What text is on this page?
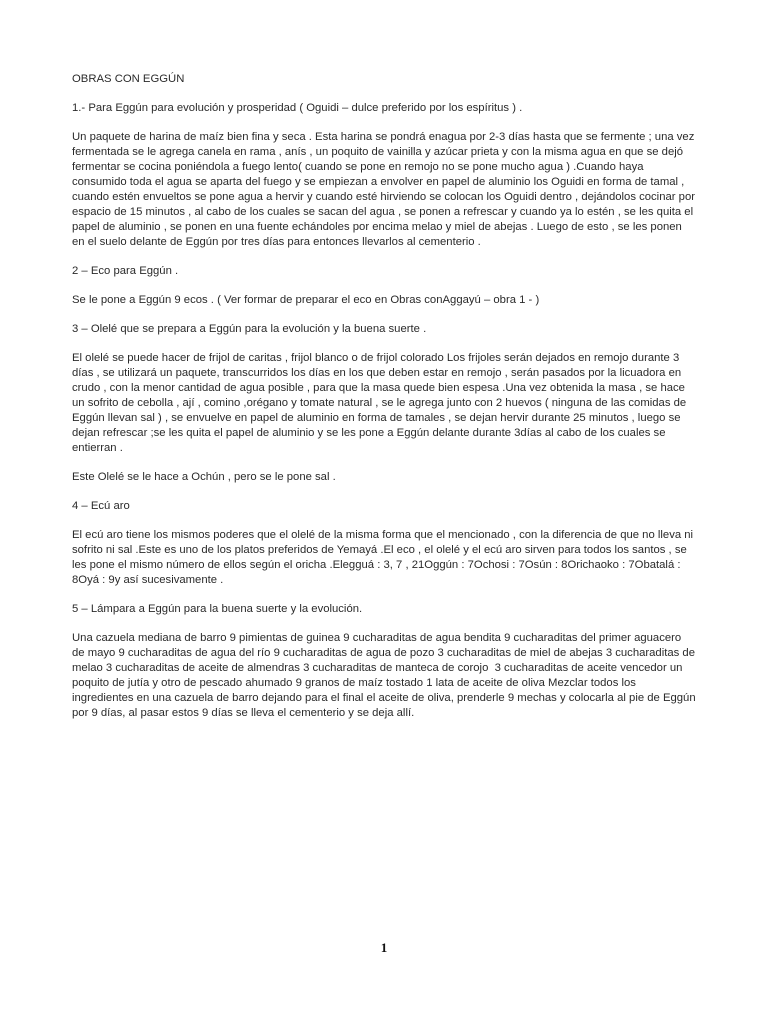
OBRAS CON EGGÚN

1.- Para Eggún para evolución y prosperidad ( Oguidi – dulce preferido por los espíritus ) .

Un paquete de harina de maíz bien fina y seca . Esta harina se pondrá enagua por 2-3 días hasta que se fermente ; una vez fermentada se le agrega canela en rama , anís , un poquito de vainilla y azúcar prieta y con la misma agua en que se dejó fermentar se cocina poniéndola a fuego lento( cuando se pone en remojo no se pone mucho agua ) .Cuando haya consumido toda el agua se aparta del fuego y se empiezan a envolver en papel de aluminio los Oguidi en forma de tamal , cuando estén envueltos se pone agua a hervir y cuando esté hirviendo se colocan los Oguidi dentro , dejándolos cocinar por espacio de 15 minutos , al cabo de los cuales se sacan del agua , se ponen a refrescar y cuando ya lo estén , se les quita el papel de aluminio , se ponen en una fuente echándoles por encima melao y miel de abejas . Luego de esto , se les ponen en el suelo delante de Eggún por tres días para entonces llevarlos al cementerio .

2 – Eco para Eggún .

Se le pone a Eggún 9 ecos . ( Ver formar de preparar el eco en Obras conAggayú – obra 1 - )

3 – Olelé que se prepara a Eggún para la evolución y la buena suerte .

El olelé se puede hacer de frijol de caritas , frijol blanco o de frijol colorado Los frijoles serán dejados en remojo durante 3 días , se utilizará un paquete, transcurridos los días en los que deben estar en remojo , serán pasados por la licuadora en crudo , con la menor cantidad de agua posible , para que la masa quede bien espesa .Una vez obtenida la masa , se hace un sofrito de cebolla , ají , comino ,orégano y tomate natural , se le agrega junto con 2 huevos ( ninguna de las comidas de Eggún llevan sal ) , se envuelve en papel de aluminio en forma de tamales , se dejan hervir durante 25 minutos , luego se dejan refrescar ;se les quita el papel de aluminio y se les pone a Eggún delante durante 3días al cabo de los cuales se entierran .

Este Olelé se le hace a Ochún , pero se le pone sal .

4 – Ecú aro

El ecú aro tiene los mismos poderes que el olelé de la misma forma que el mencionado , con la diferencia de que no lleva ni sofrito ni sal .Este es uno de los platos preferidos de Yemayá .El eco , el olelé y el ecú aro sirven para todos los santos , se les pone el mismo número de ellos según el oricha .Elegguá : 3, 7 , 21Oggún : 7Ochosi : 7Osún : 8Orichaoko : 7Obatalá : 8Oyá : 9y así sucesivamente .

5 – Lámpara a Eggún para la buena suerte y la evolución.

Una cazuela mediana de barro 9 pimientas de guinea 9 cucharaditas de agua bendita 9 cucharaditas del primer aguacero de mayo 9 cucharaditas de agua del río 9 cucharaditas de agua de pozo 3 cucharaditas de miel de abejas 3 cucharaditas de melao 3 cucharaditas de aceite de almendras 3 cucharaditas de manteca de corojo  3 cucharaditas de aceite vencedor un poquito de jutía y otro de pescado ahumado 9 granos de maíz tostado 1 lata de aceite de oliva Mezclar todos los ingredientes en una cazuela de barro dejando para el final el aceite de oliva, prenderle 9 mechas y colocarla al pie de Eggún por 9 días, al pasar estos 9 días se lleva el cementerio y se deja allí.

1
